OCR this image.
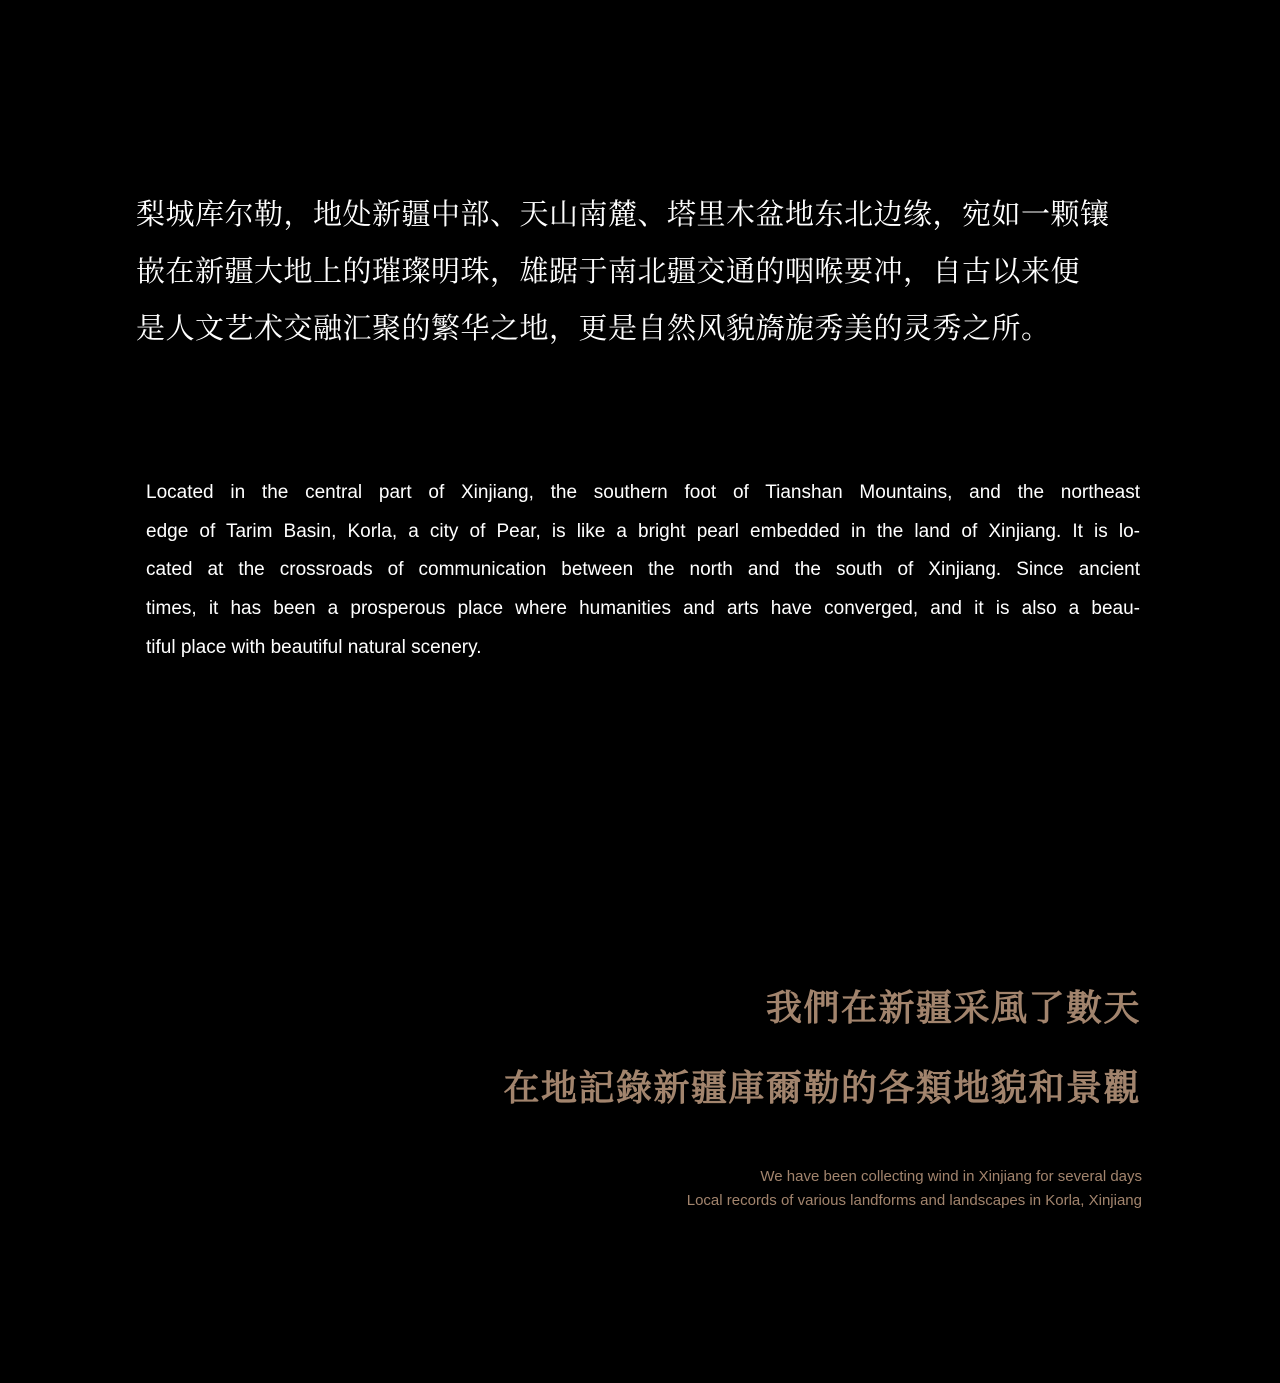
梨城库尔勒，地处新疆中部、天山南麓、塔里木盆地东北边缘，宛如一颗镶
嵌在新疆大地上的璀璨明珠，雄踞于南北疆交通的咽喉要冲，自古以来便
是人文艺术交融汇聚的繁华之地，更是自然风貌旖旎秀美的灵秀之所。
Located in the central part of Xinjiang, the southern foot of Tianshan Mountains, and the northeast
edge of Tarim Basin, Korla, a city of Pear, is like a bright pearl embedded in the land of Xinjiang. It is lo-
cated at the crossroads of communication between the north and the south of Xinjiang. Since ancient
times, it has been a prosperous place where humanities and arts have converged, and it is also a beau-
tiful place with beautiful natural scenery.
我們在新疆采風了數天
在地記錄新疆庫爾勒的各類地貌和景觀
We have been collecting wind in Xinjiang for several days
Local records of various landforms and landscapes in Korla, Xinjiang
